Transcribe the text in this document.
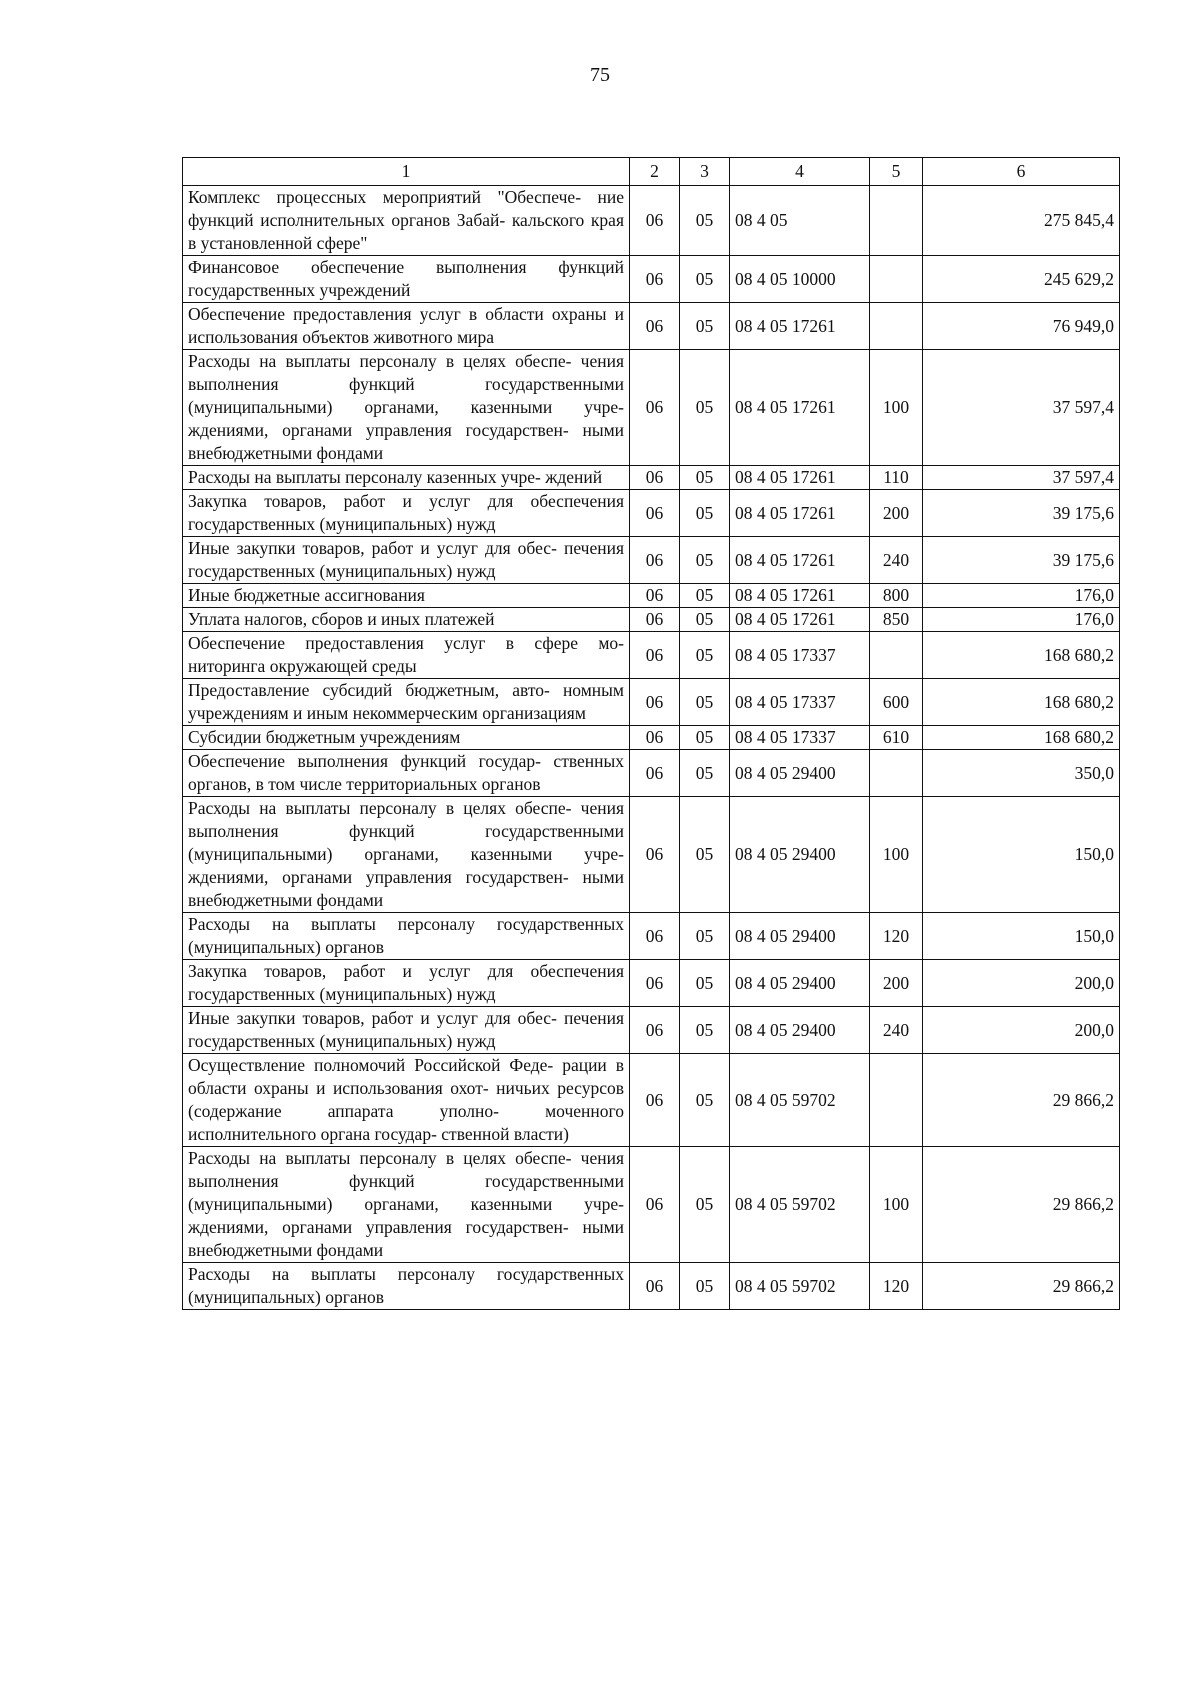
75
1	2	3	4	5	6
Комплекс процессных мероприятий "Обеспече- ние функций исполнительных органов Забай- кальского края в установленной сфере"	06	05	08 4 05		275 845,4
Финансовое обеспечение выполнения функций государственных учреждений	06	05	08 4 05 10000		245 629,2
Обеспечение предоставления услуг в области охраны и использования объектов животного мира	06	05	08 4 05 17261		76 949,0
Расходы на выплаты персоналу в целях обеспе- чения выполнения функций государственными (муниципальными) органами, казенными учре- ждениями, органами управления государствен- ными внебюджетными фондами	06	05	08 4 05 17261	100	37 597,4
Расходы на выплаты персоналу казенных учре- ждений	06	05	08 4 05 17261	110	37 597,4
Закупка товаров, работ и услуг для обеспечения государственных (муниципальных) нужд	06	05	08 4 05 17261	200	39 175,6
Иные закупки товаров, работ и услуг для обес- печения государственных (муниципальных) нужд	06	05	08 4 05 17261	240	39 175,6
Иные бюджетные ассигнования	06	05	08 4 05 17261	800	176,0
Уплата налогов, сборов и иных платежей	06	05	08 4 05 17261	850	176,0
Обеспечение предоставления услуг в сфере мо- ниторинга окружающей среды	06	05	08 4 05 17337		168 680,2
Предоставление субсидий бюджетным, авто- номным учреждениям и иным некоммерческим организациям	06	05	08 4 05 17337	600	168 680,2
Субсидии бюджетным учреждениям	06	05	08 4 05 17337	610	168 680,2
Обеспечение выполнения функций государ- ственных органов, в том числе территориальных органов	06	05	08 4 05 29400		350,0
Расходы на выплаты персоналу в целях обеспе- чения выполнения функций государственными (муниципальными) органами, казенными учре- ждениями, органами управления государствен- ными внебюджетными фондами	06	05	08 4 05 29400	100	150,0
Расходы на выплаты персоналу государственных (муниципальных) органов	06	05	08 4 05 29400	120	150,0
Закупка товаров, работ и услуг для обеспечения государственных (муниципальных) нужд	06	05	08 4 05 29400	200	200,0
Иные закупки товаров, работ и услуг для обес- печения государственных (муниципальных) нужд	06	05	08 4 05 29400	240	200,0
Осуществление полномочий Российской Феде- рации в области охраны и использования охот- ничьих ресурсов (содержание аппарата уполно- моченного исполнительного органа государ- ственной власти)	06	05	08 4 05 59702		29 866,2
Расходы на выплаты персоналу в целях обеспе- чения выполнения функций государственными (муниципальными) органами, казенными учре- ждениями, органами управления государствен- ными внебюджетными фондами	06	05	08 4 05 59702	100	29 866,2
Расходы на выплаты персоналу государственных (муниципальных) органов	06	05	08 4 05 59702	120	29 866,2
